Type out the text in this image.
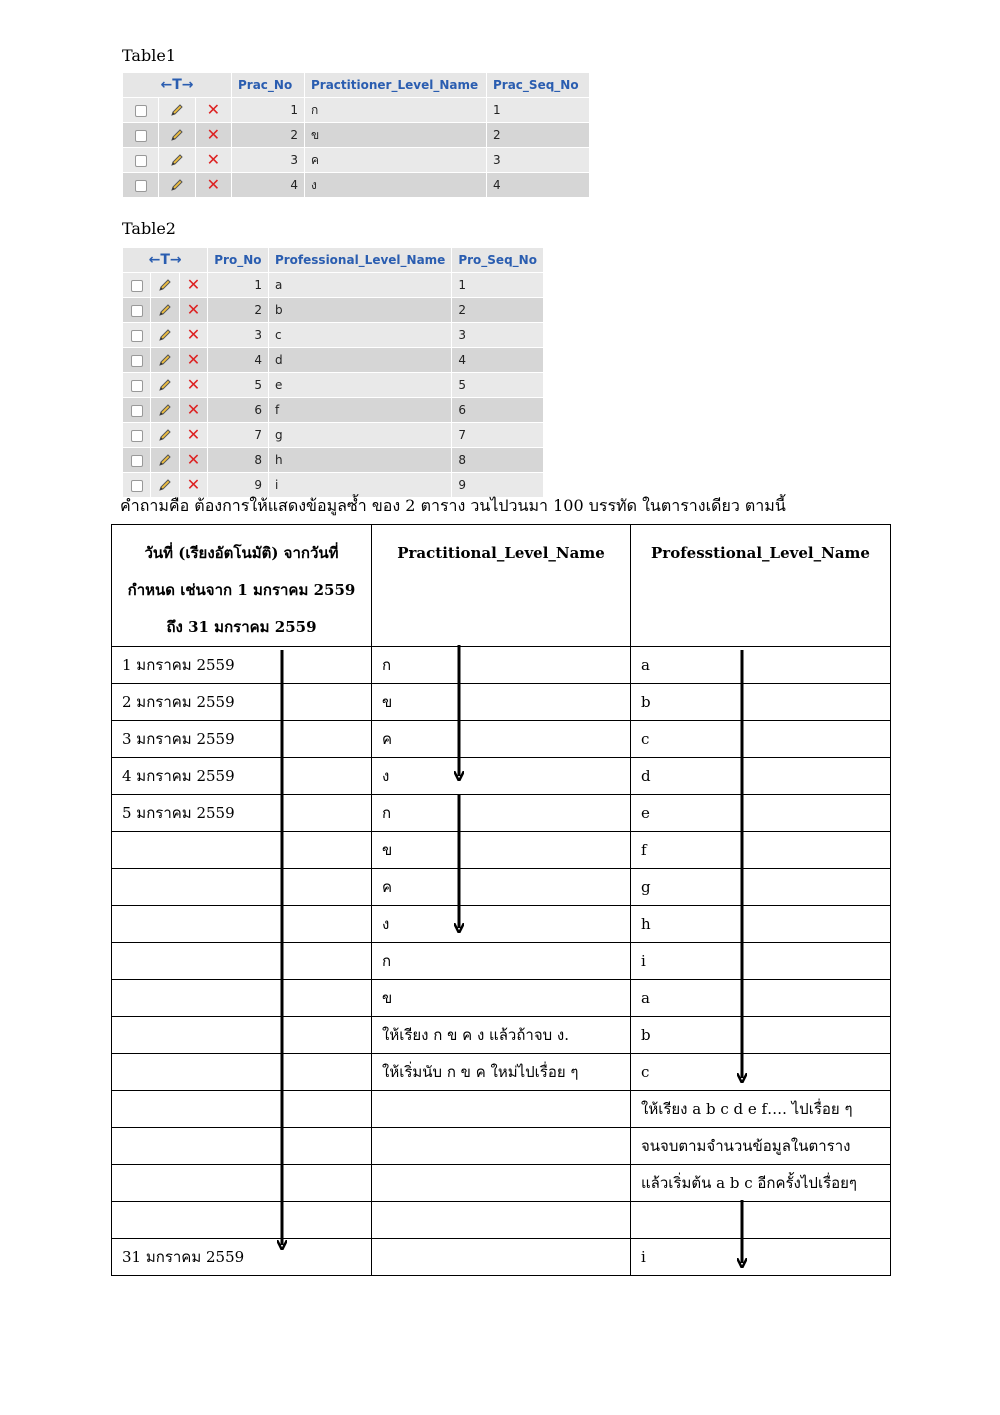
Table1
←T→			Prac_No	Practitioner_Level_Name	Prac_Seq_No
		✕	1	ก	1
		✕	2	ข	2
		✕	3	ค	3
		✕	4	ง	4
Table2
←T→			Pro_No	Professional_Level_Name	Pro_Seq_No
		✕	1	a	1
		✕	2	b	2
		✕	3	c	3
		✕	4	d	4
		✕	5	e	5
		✕	6	f	6
		✕	7	g	7
		✕	8	h	8
		✕	9	i	9
คำถามคือ ต้องการให้แสดงข้อมูลซ้ำ ของ 2 ตาราง วนไปวนมา 100 บรรทัด ในตารางเดียว ตามนี้
วันที่ (เรียงอัตโนมัติ) จากวันที่ กำหนด เช่นจาก 1 มกราคม 2559 ถึง 31 มกราคม 2559	Practitional_Level_Name	Professtional_Level_Name
1 มกราคม 2559	ก	a
2 มกราคม 2559	ข	b
3 มกราคม 2559	ค	c
4 มกราคม 2559	ง	d
5 มกราคม 2559	ก	e
	ข	f
	ค	g
	ง	h
	ก	i
	ข	a
	ให้เรียง ก ข ค ง แล้วถ้าจบ ง.	b
	ให้เริ่มนับ ก ข ค ใหม่ไปเรื่อย ๆ	c
		ให้เรียง a b c d e f…. ไปเรื่อย ๆ
		จนจบตามจำนวนข้อมูลในตาราง
		แล้วเริ่มต้น a b c อีกครั้งไปเรื่อยๆ

31 มกราคม 2559		i
